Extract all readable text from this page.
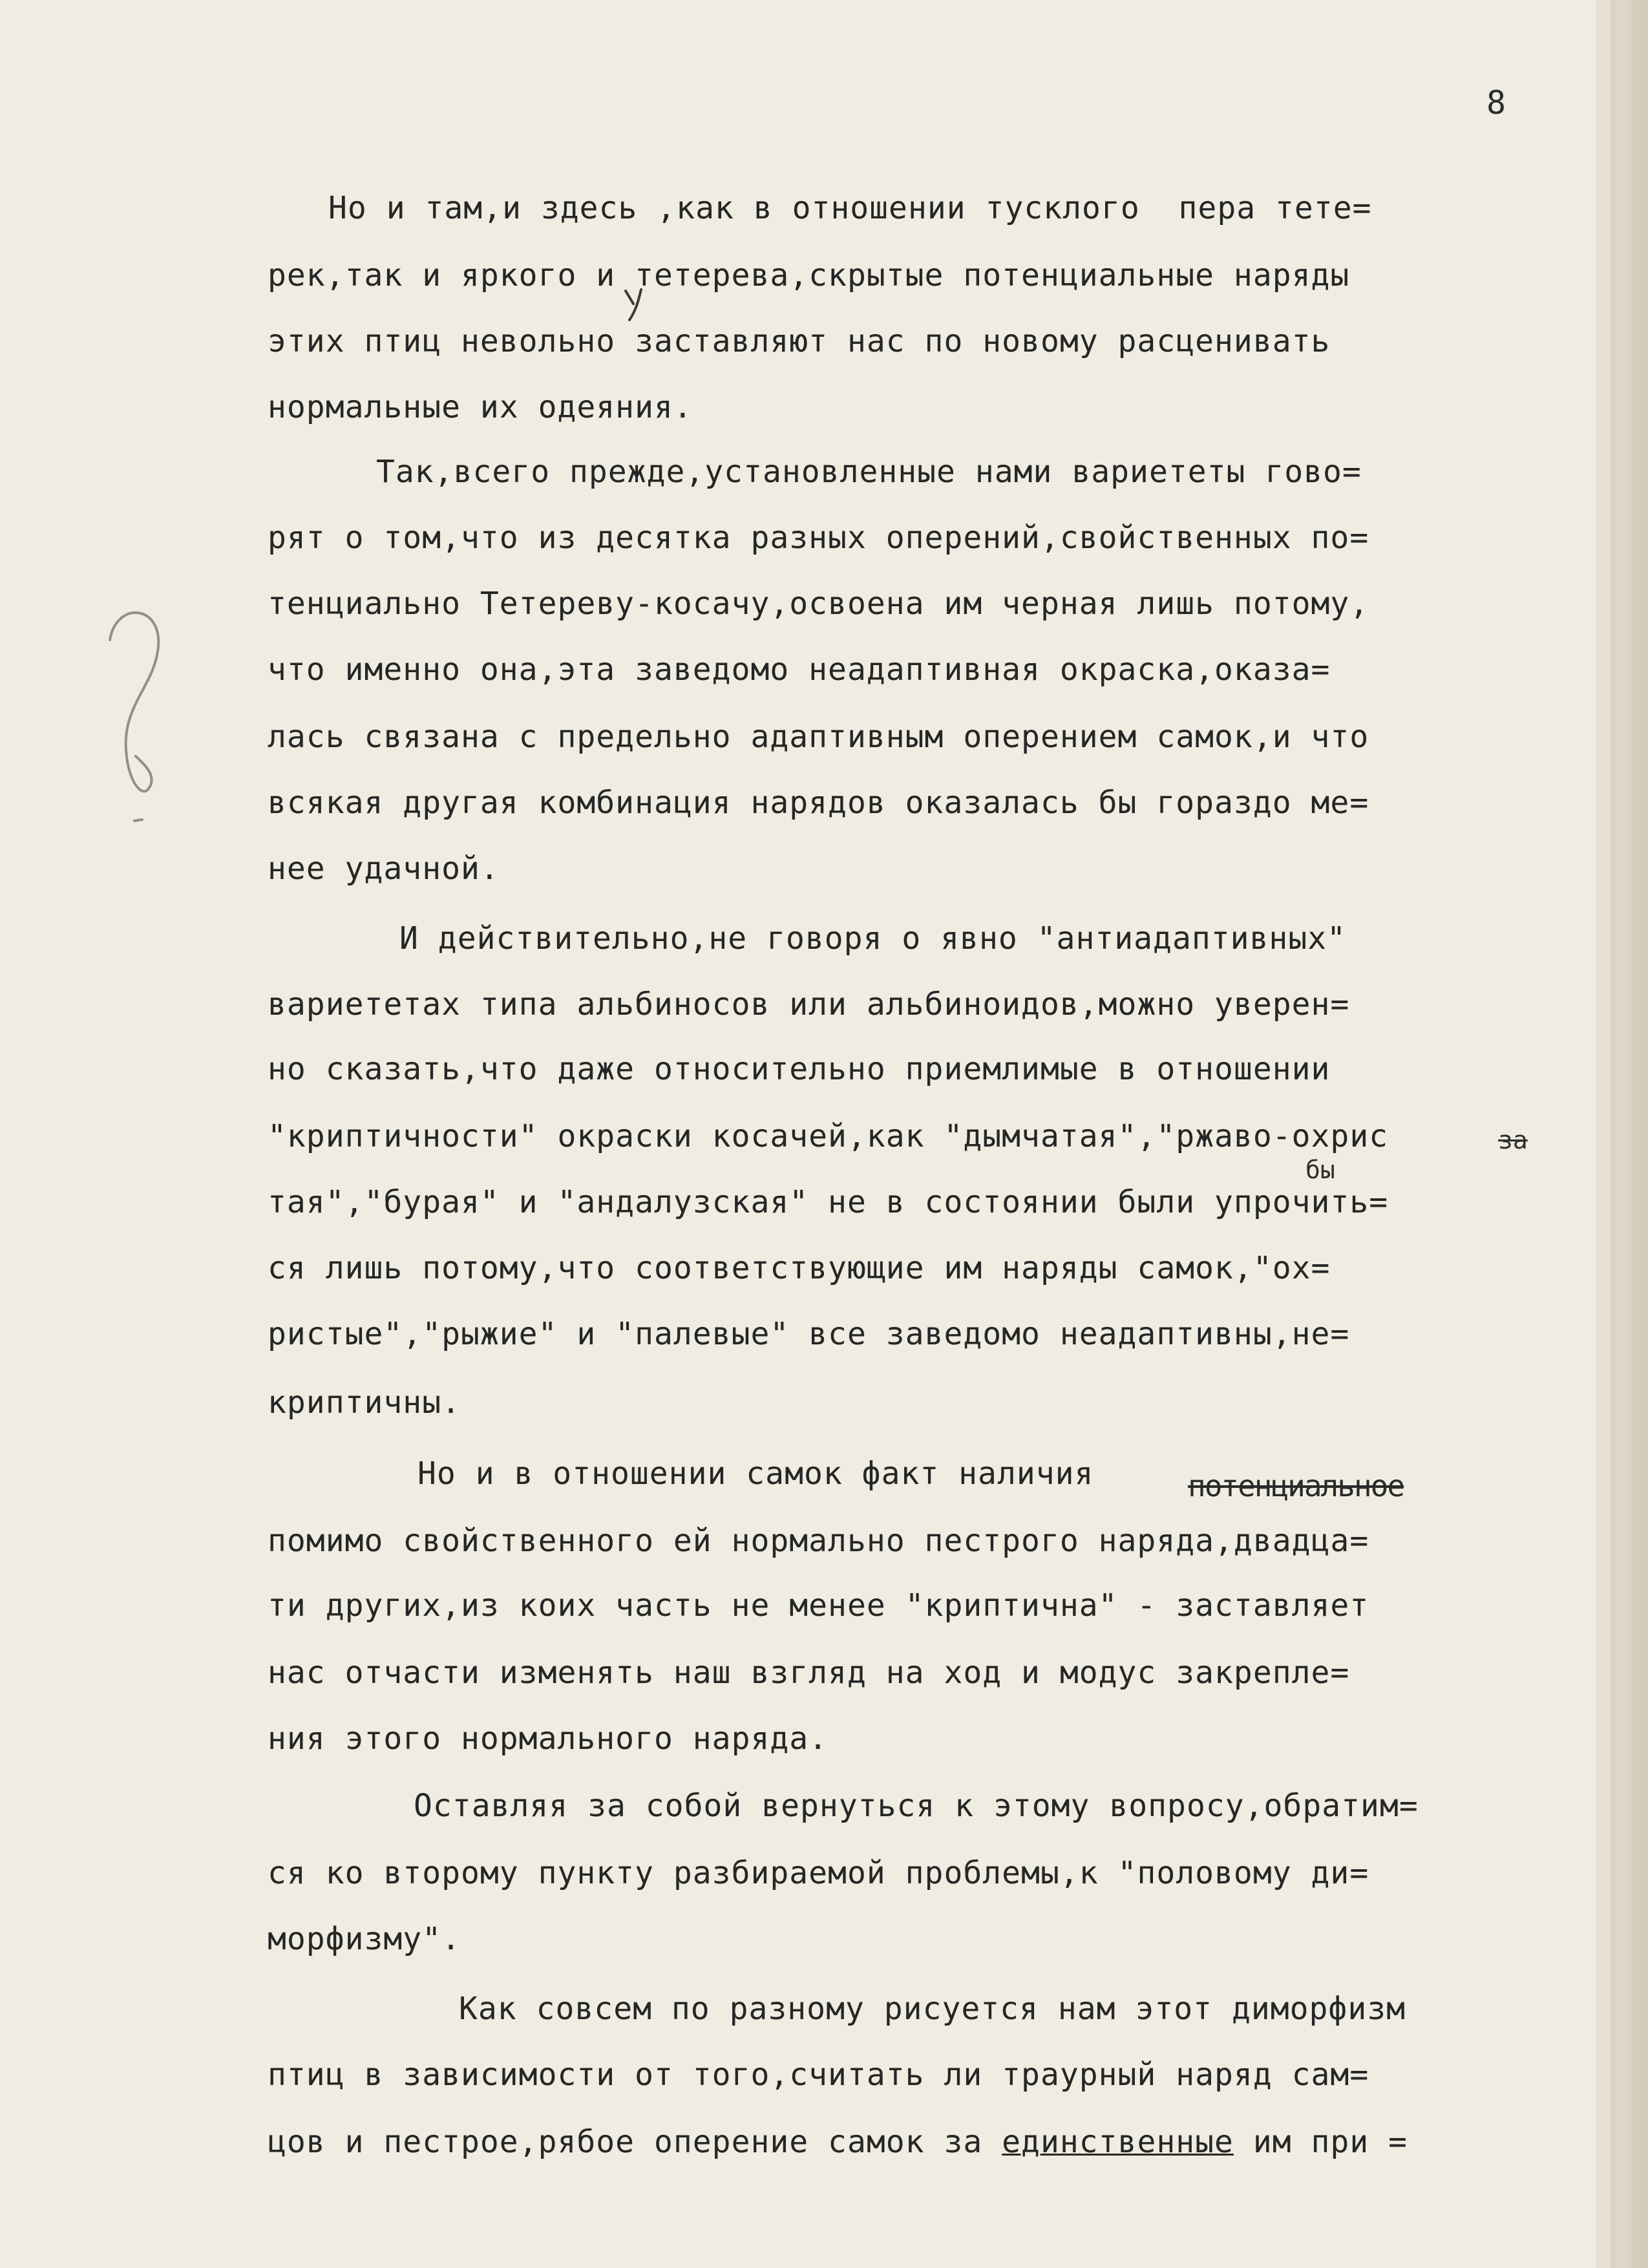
8
Но и там,и здесь ,как в отношении тусклого  пера тете=
рек,так и яркого и тетерева,скрытые потенциальные наряды
этих птиц невольно заставляют нас по новому расценивать
нормальные их одеяния.
Так,всего прежде,установленные нами вариететы гово=
рят о том,что из десятка разных оперений,свойственных по=
тенциально Тетереву-косачу,освоена им черная лишь потому,
что именно она,эта заведомо неадаптивная окраска,оказа=
лась связана с предельно адаптивным оперением самок,и что
всякая другая комбинация нарядов оказалась бы гораздо ме=
нее удачной.
И действительно,не говоря о явно "антиадаптивных"
вариететах типа альбиносов или альбиноидов,можно уверен=
но сказать,что даже относительно приемлимые в отношении
"криптичности" окраски косачей,как "дымчатая","ржаво-охрис
тая","бурая" и "андалузская" не в состоянии были упрочить=
ся лишь потому,что соответствующие им наряды самок,"ох=
ристые","рыжие" и "палевые" все заведомо неадаптивны,не=
криптичны.
Но и в отношении самок факт наличия
помимо свойственного ей нормально пестрого наряда,двадца=
ти других,из коих часть не менее "криптична" - заставляет
нас отчасти изменять наш взгляд на ход и модус закрепле=
ния этого нормального наряда.
Оставляя за собой вернуться к этому вопросу,обратим=
ся ко второму пункту разбираемой проблемы,к "половому ди=
морфизму".
Как совсем по разному рисуется нам этот диморфизм
птиц в зависимости от того,считать ли траурный наряд сам=
цов и пестрое,рябое оперение самок за единственные им при =
за
бы
потенциальное
